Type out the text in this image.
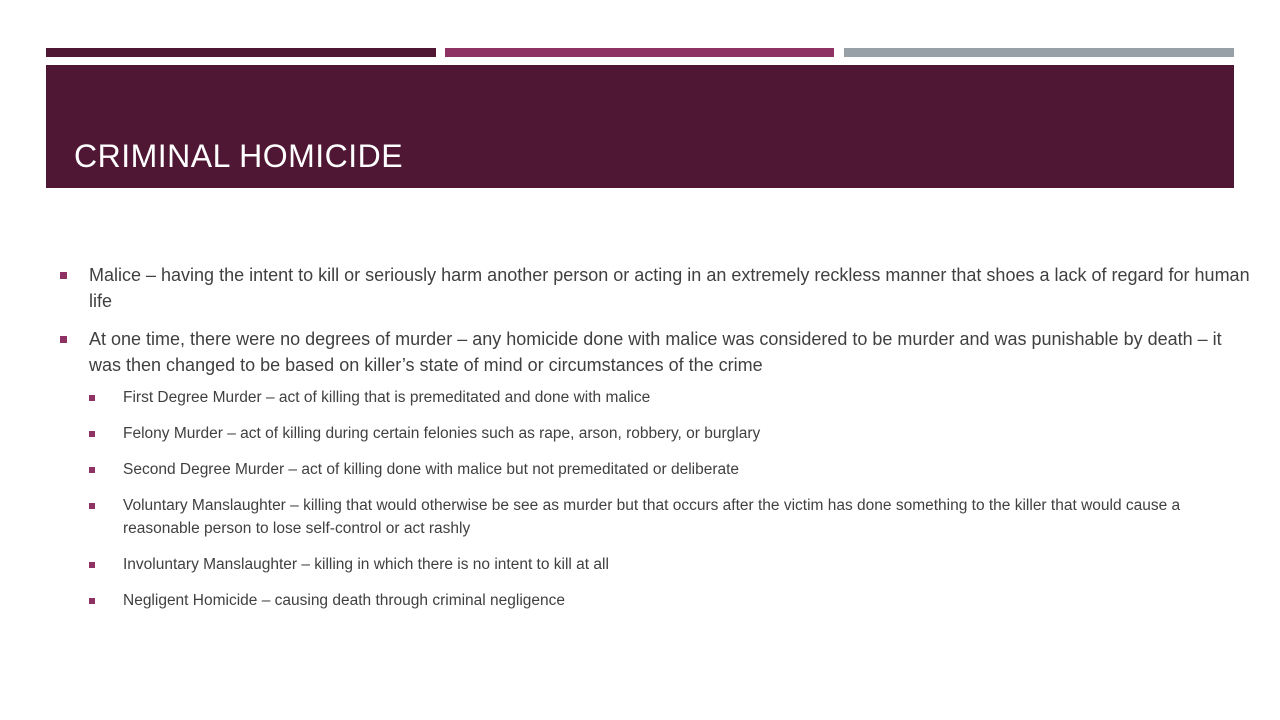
CRIMINAL HOMICIDE
Malice – having the intent to kill or seriously harm another person or acting in an extremely reckless manner that shoes a lack of regard for human life
At one time, there were no degrees of murder – any homicide done with malice was considered to be murder and was punishable by death – it was then changed to be based on killer’s state of mind or circumstances of the crime
First Degree Murder – act of killing that is premeditated and done with malice
Felony Murder – act of killing during certain felonies such as rape, arson, robbery, or burglary
Second Degree Murder – act of killing done with malice but not premeditated or deliberate
Voluntary Manslaughter – killing that would otherwise be see as murder but that occurs after the victim has done something to the killer that would cause a reasonable person to lose self-control or act rashly
Involuntary Manslaughter – killing in which there is no intent to kill at all
Negligent Homicide – causing death through criminal negligence
